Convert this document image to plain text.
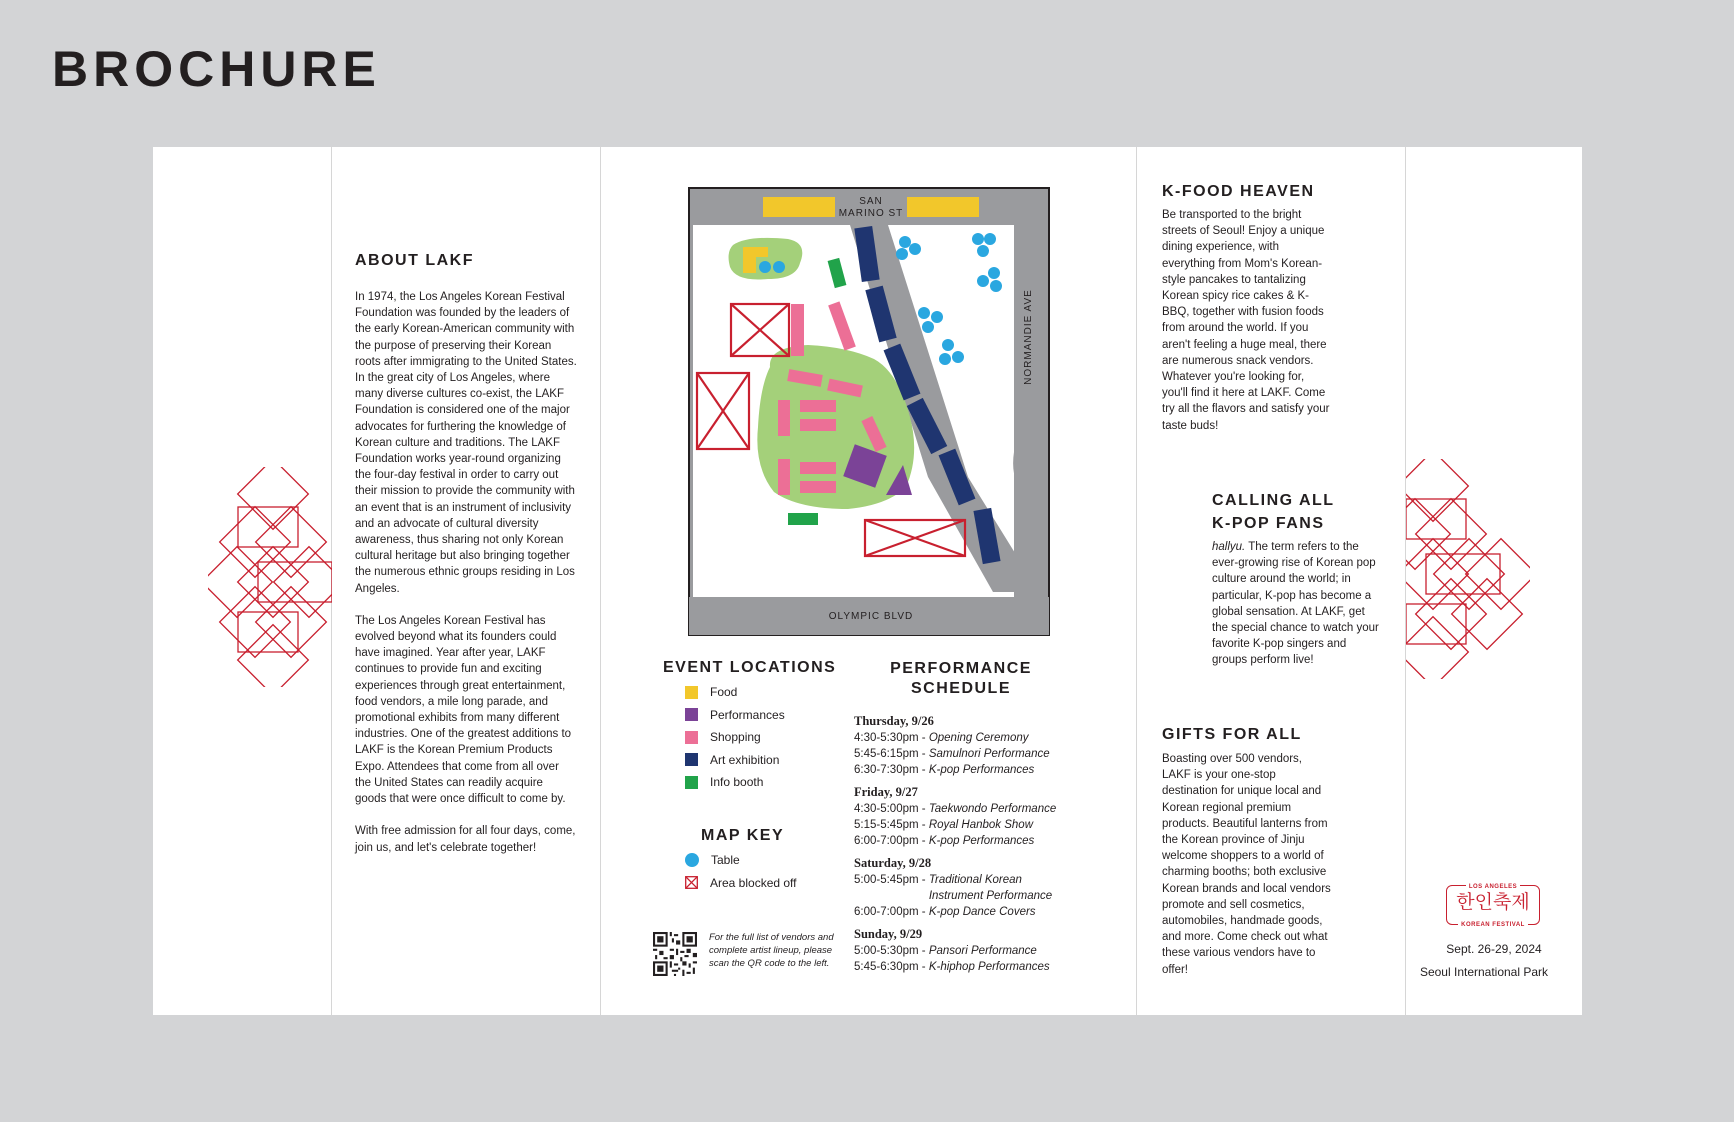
BROCHURE
ABOUT LAKF

In 1974, the Los Angeles Korean Festival Foundation was founded by the leaders of the early Korean-American community with the purpose of preserving their Korean roots after immigrating to the United States. In the great city of Los Angeles, where many diverse cultures co-exist, the LAKF Foundation is considered one of the major advocates for furthering the knowledge of Korean culture and traditions. The LAKF Foundation works year-round organizing the four-day festival in order to carry out their mission to provide the community with an event that is an instrument of inclusivity and an advocate of cultural diversity awareness, thus sharing not only Korean cultural heritage but also bringing together the numerous ethnic groups residing in Los Angeles.

The Los Angeles Korean Festival has evolved beyond what its founders could have imagined. Year after year, LAKF continues to provide fun and exciting experiences through great entertainment, food vendors, a mile long parade, and promotional exhibits from many different industries. One of the greatest additions to LAKF is the Korean Premium Products Expo. Attendees that come from all over the United States can readily acquire goods that were once difficult to come by.

With free admission for all four days, come, join us, and let's celebrate together!

SAN
MARINO ST
NORMANDIE AVE
OLYMPIC BLVD
EVENT LOCATIONS
Food
Performances
Shopping
Art exhibition
Info booth
MAP KEY
Table
Area blocked off
For the full list of vendors and complete artist lineup, please scan the QR code to the left.
PERFORMANCE
SCHEDULE
Thursday, 9/26
4:30-5:30pm - Opening Ceremony
5:45-6:15pm - Samulnori Performance
6:30-7:30pm - K-pop Performances
Friday, 9/27
4:30-5:00pm - Taekwondo Performance
5:15-5:45pm - Royal Hanbok Show
6:00-7:00pm - K-pop Performances
Saturday, 9/28
5:00-5:45pm - Traditional Korean Instrument Performance
6:00-7:00pm - K-pop Dance Covers
Sunday, 9/29
5:00-5:30pm - Pansori Performance
5:45-6:30pm - K-hiphop Performances
K-FOOD HEAVEN

Be transported to the bright streets of Seoul! Enjoy a unique dining experience, with everything from Mom's Korean-style pancakes to tantalizing Korean spicy rice cakes & K-BBQ, together with fusion foods from around the world. If you aren't feeling a huge meal, there are numerous snack vendors. Whatever you're looking for, you'll find it here at LAKF. Come try all the flavors and satisfy your taste buds!

CALLING ALL
K-POP FANS

hallyu. The term refers to the ever-growing rise of Korean pop culture around the world; in particular, K-pop has become a global sensation. At LAKF, get the special chance to watch your favorite K-pop singers and groups perform live!

GIFTS FOR ALL

Boasting over 500 vendors, LAKF is your one-stop destination for unique local and Korean regional premium products. Beautiful lanterns from the Korean province of Jinju welcome shoppers to a world of charming booths; both exclusive Korean brands and local vendors promote and sell cosmetics, automobiles, handmade goods, and more. Come check out what these various vendors have to offer!

LOS ANGELES
한인축제
KOREAN FESTIVAL
Sept. 26-29, 2024
Seoul International Park
